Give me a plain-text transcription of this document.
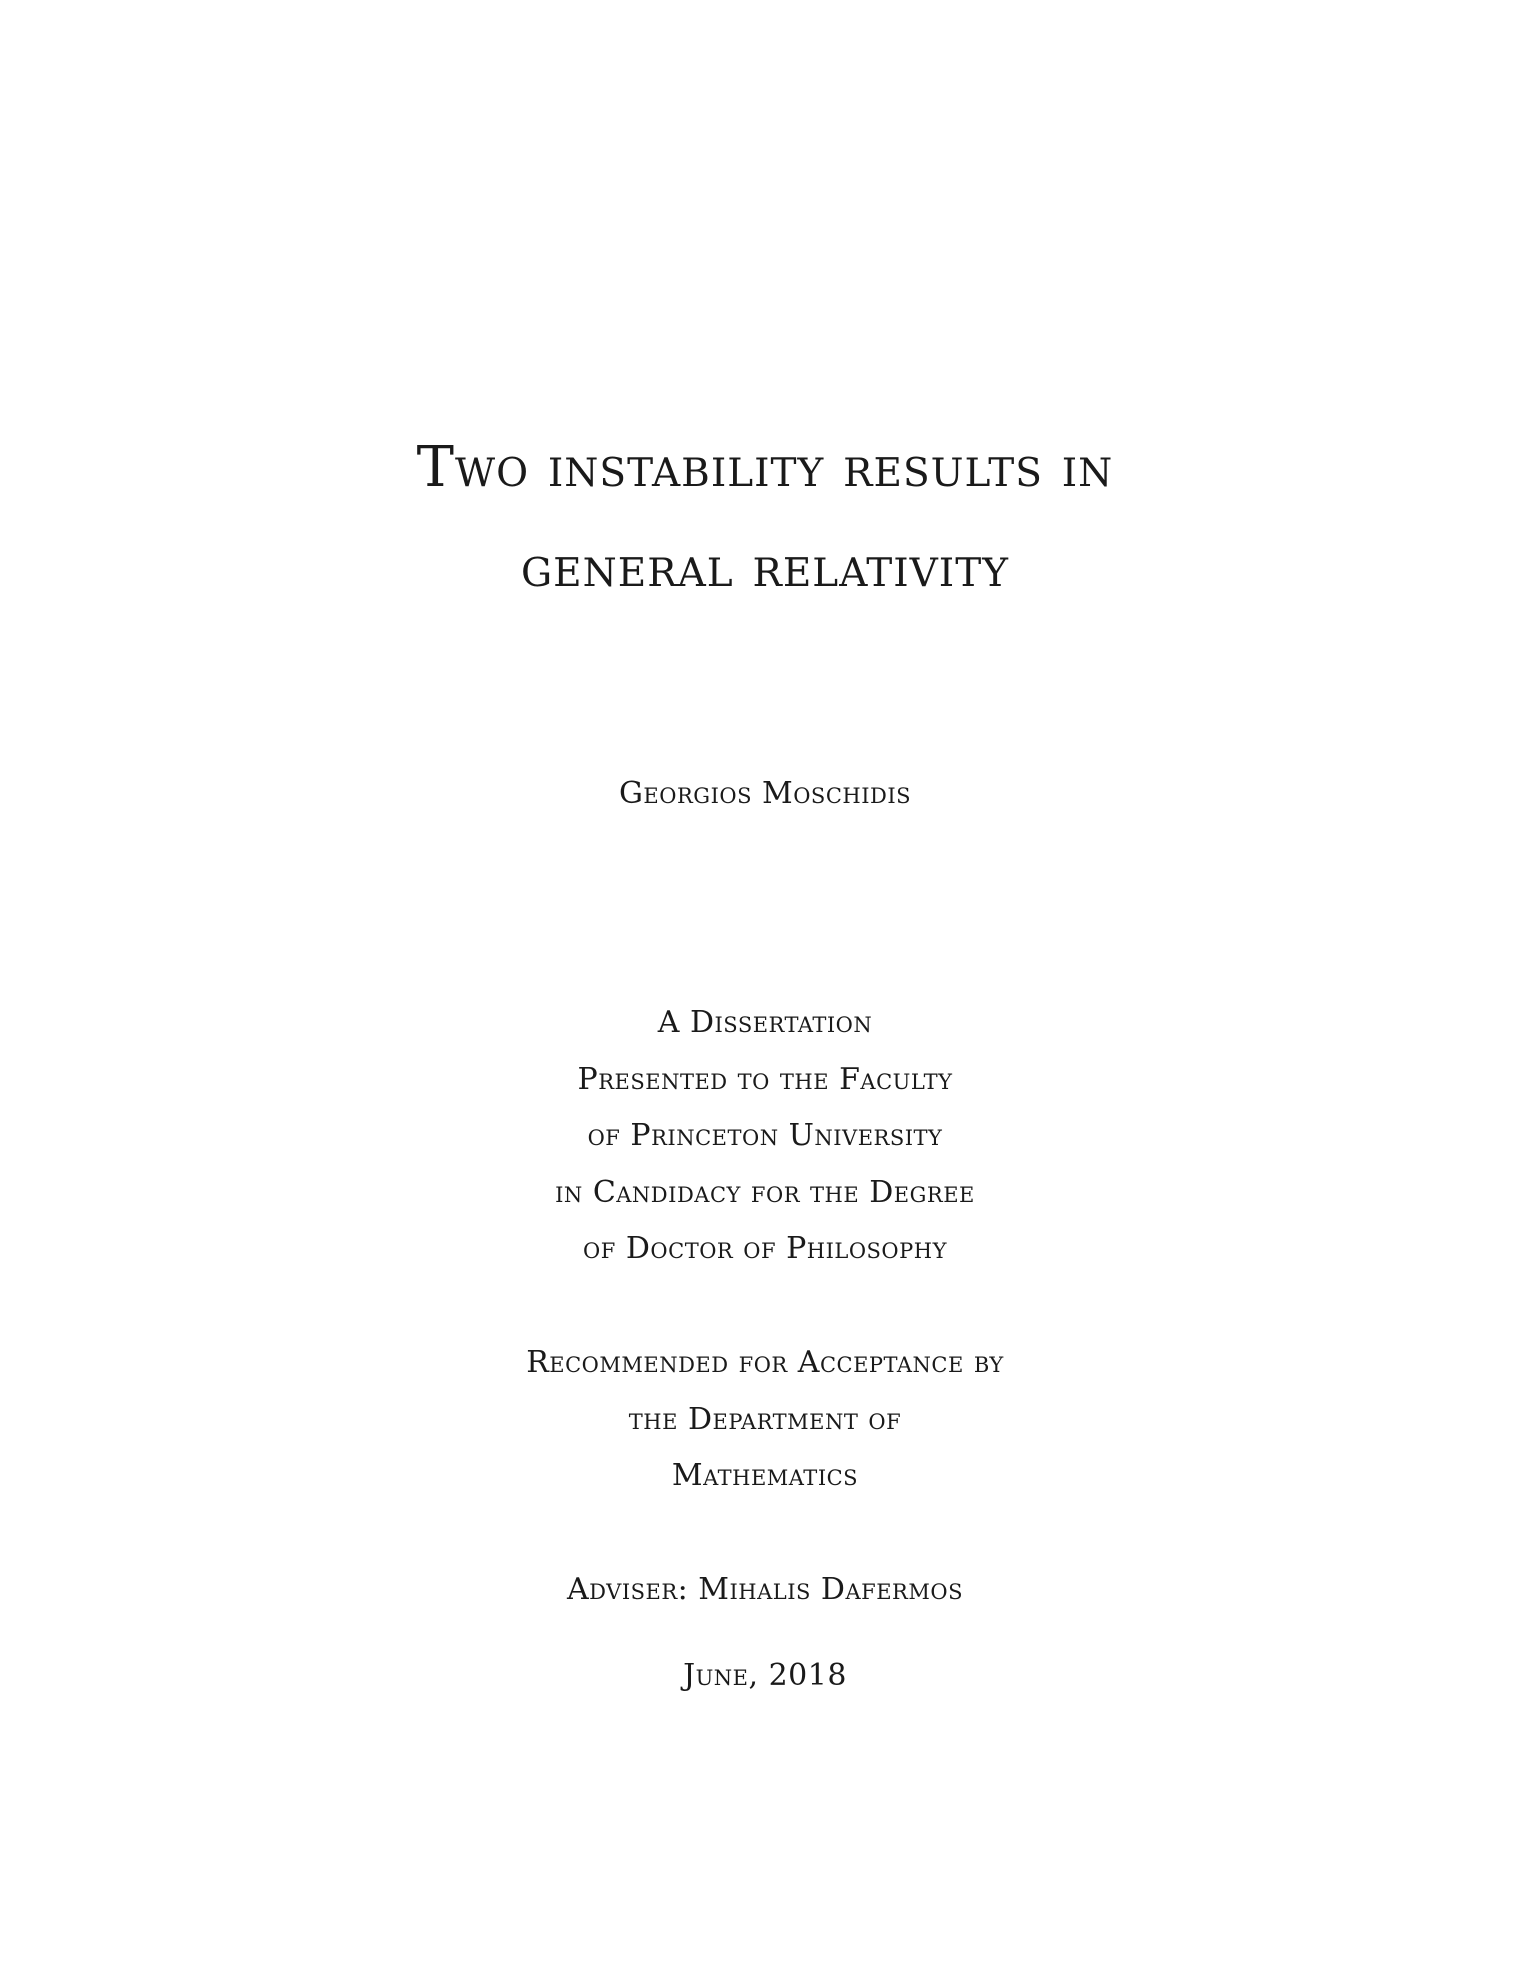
Two instability results in
general relativity
Georgios Moschidis
A Dissertation
Presented to the Faculty
of Princeton University
in Candidacy for the Degree
of Doctor of Philosophy
Recommended for Acceptance by
the Department of
Mathematics
Adviser: Mihalis Dafermos
June, 2018
